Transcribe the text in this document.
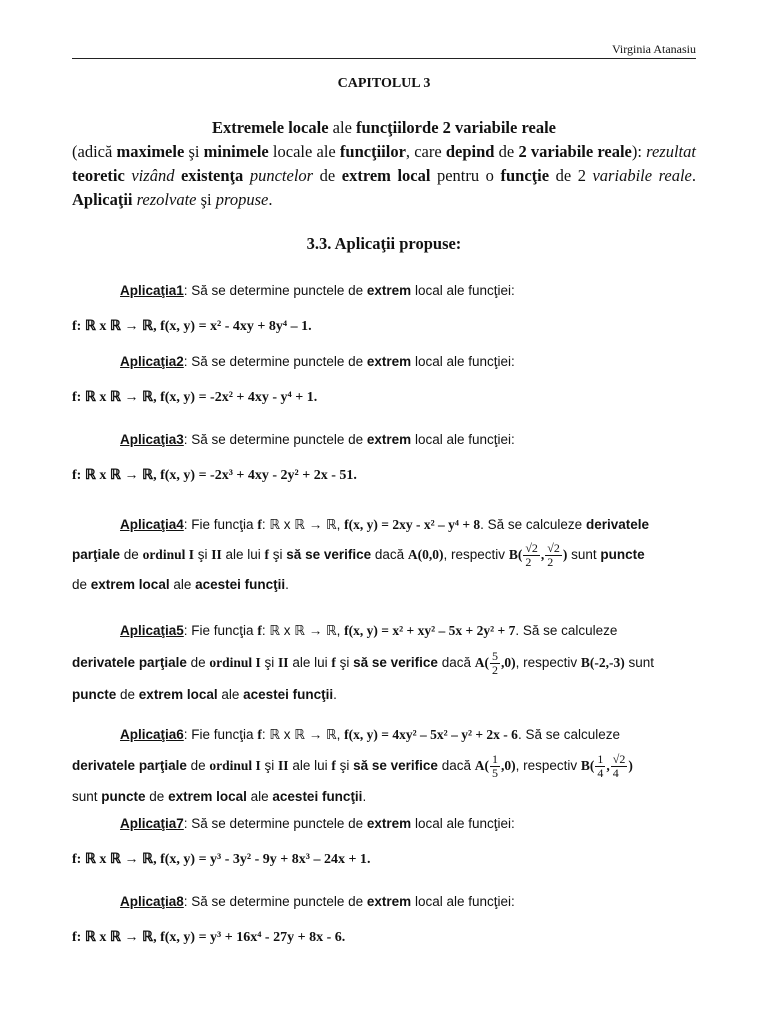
Virginia Atanasiu
CAPITOLUL 3
Extremele locale ale funcţiilorde 2 variabile reale
(adică maximele şi minimele locale ale funcţiilor, care depind de 2 variabile reale): rezultat teoretic vizând existenţa punctelor de extrem local pentru o funcţie de 2 variabile reale. Aplicaţii rezolvate şi propuse.
3.3. Aplicaţii propuse:
Aplicaţia1: Să se determine punctele de extrem local ale funcţiei:
f: ℝ x ℝ → ℝ, f(x, y) = x² - 4xy + 8y⁴ – 1.
Aplicaţia2: Să se determine punctele de extrem local ale funcţiei:
f: ℝ x ℝ → ℝ, f(x, y) = -2x² + 4xy - y⁴ + 1.
Aplicaţia3: Să se determine punctele de extrem local ale funcţiei:
f: ℝ x ℝ → ℝ, f(x, y) = -2x³ + 4xy - 2y² + 2x - 51.
Aplicaţia4: Fie funcţia f: ℝ x ℝ → ℝ, f(x, y) = 2xy - x² – y⁴ + 8. Să se calculeze derivatele
parţiale de ordinul I şi II ale lui f şi să se verifice dacă A(0,0), respectiv $B( \frac{√2}{2}$ , $\frac{√2}{2}$ ) sunt puncte
de extrem local ale acestei funcţii.
Aplicaţia5: Fie funcţia f: ℝ x ℝ → ℝ, f(x, y) = x² + xy² – 5x + 2y² + 7. Să se calculeze
derivatele parţiale de ordinul I şi II ale lui f şi să se verifice dacă $A( \frac{5}{2} ,0)$, respectiv B(-2,-3) sunt
puncte de extrem local ale acestei funcţii.
Aplicaţia6: Fie funcţia f: ℝ x ℝ → ℝ, f(x, y) = 4xy² – 5x² – y² + 2x - 6. Să se calculeze
derivatele parţiale de ordinul I şi II ale lui f şi să se verifice dacă $A( \frac{1}{5} ,0)$, respectiv $B( \frac{1}{4}$ , $\frac{√2}{4}$ )
sunt puncte de extrem local ale acestei funcţii.
Aplicaţia7: Să se determine punctele de extrem local ale funcţiei:
f: ℝ x ℝ → ℝ, f(x, y) = y³ - 3y² - 9y + 8x³ – 24x + 1.
Aplicaţia8: Să se determine punctele de extrem local ale funcţiei:
f: ℝ x ℝ → ℝ, f(x, y) = y³ + 16x⁴ - 27y + 8x - 6.
